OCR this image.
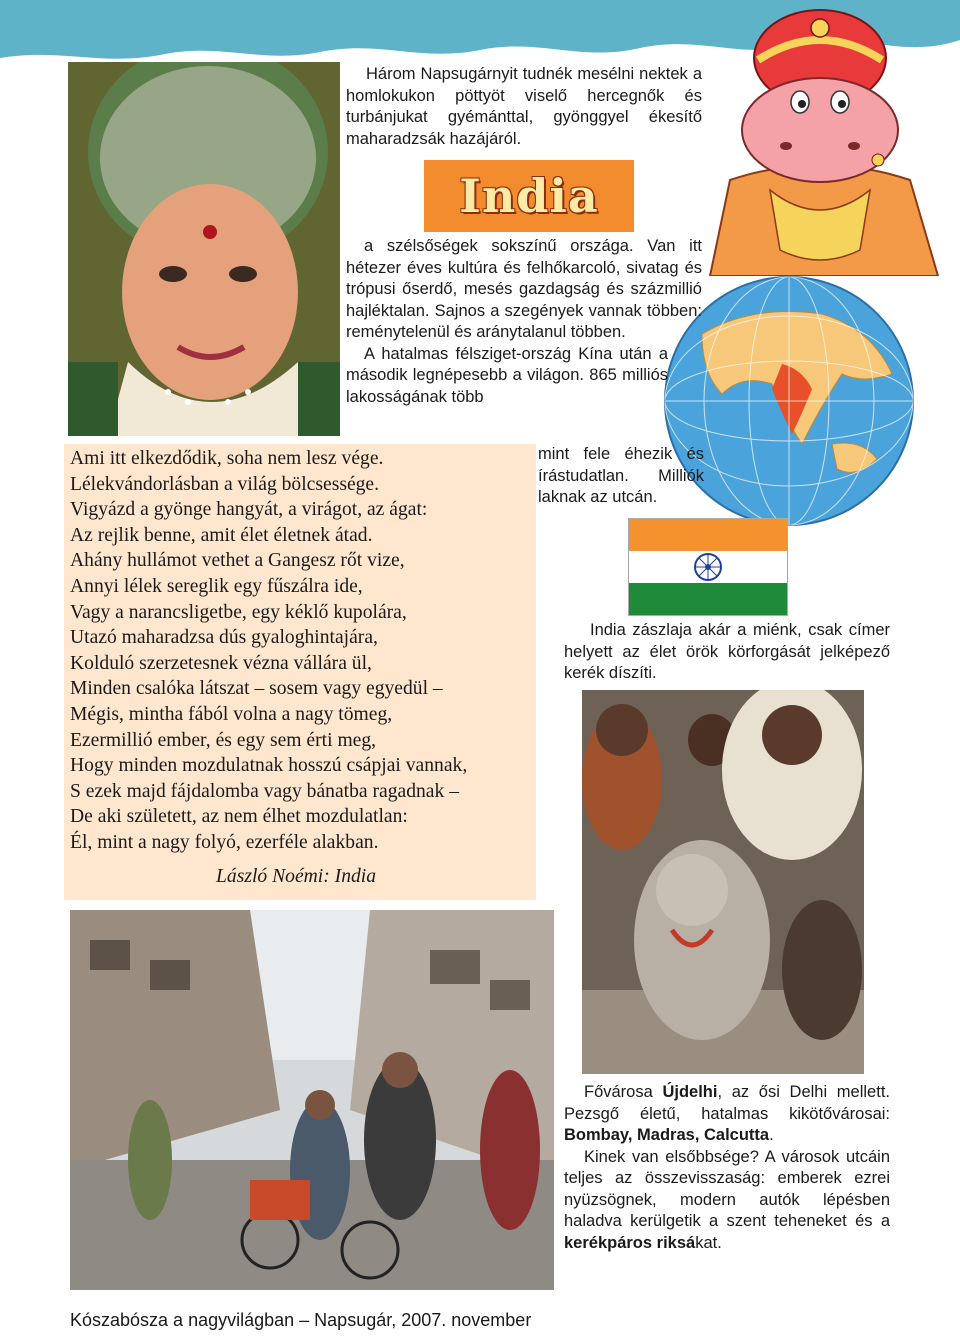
Három Napsugárnyit tudnék mesélni nektek a homlokukon pöttyöt viselő hercegnők és turbánjukat gyémánttal, gyönggyel ékesítő maharadzsák hazájáról.

India

a szélsőségek sokszínű országa. Van itt hétezer éves kultúra és felhőkarcoló, sivatag és trópusi őserdő, mesés gazdagság és százmillió hajléktalan. Sajnos a szegények vannak többen: reménytelenül és aránytalanul többen.

A hatalmas félsziget-ország Kína után a második legnépesebb a világon. 865 milliós lakosságának több

mint fele éhezik és írástudatlan. Milliók laknak az utcán.
Ami itt elkezdődik, soha nem lesz vége.
Lélekvándorlásban a világ bölcsessége.
Vigyázd a gyönge hangyát, a virágot, az ágat:
Az rejlik benne, amit élet életnek átad.
Ahány hullámot vethet a Gangesz rőt vize,
Annyi lélek sereglik egy fűszálra ide,
Vagy a narancsligetbe, egy kéklő kupolára,
Utazó maharadzsa dús gyaloghintajára,
Kolduló szerzetesnek vézna vállára ül,
Minden csalóka látszat – sosem vagy egyedül –
Mégis, mintha fából volna a nagy tömeg,
Ezermillió ember, és egy sem érti meg,
Hogy minden mozdulatnak hosszú csápjai vannak,
S ezek majd fájdalomba vagy bánatba ragadnak –
De aki született, az nem élhet mozdulatlan:
Él, mint a nagy folyó, ezerféle alakban.
László Noémi: India

India zászlaja akár a miénk, csak címer helyett az élet örök körforgását jelképező kerék díszíti.

Fővárosa Újdelhi, az ősi Delhi mellett. Pezsgő életű, hatalmas kikötővárosai: Bombay, Madras, Calcutta.

Kinek van elsőbbsége? A városok utcáin teljes az összevisszaság: emberek ezrei nyüzsögnek, modern autók lépésben haladva kerülgetik a szent teheneket és a kerékpáros riksákat.

Kószabósza a nagyvilágban – Napsugár, 2007. november
